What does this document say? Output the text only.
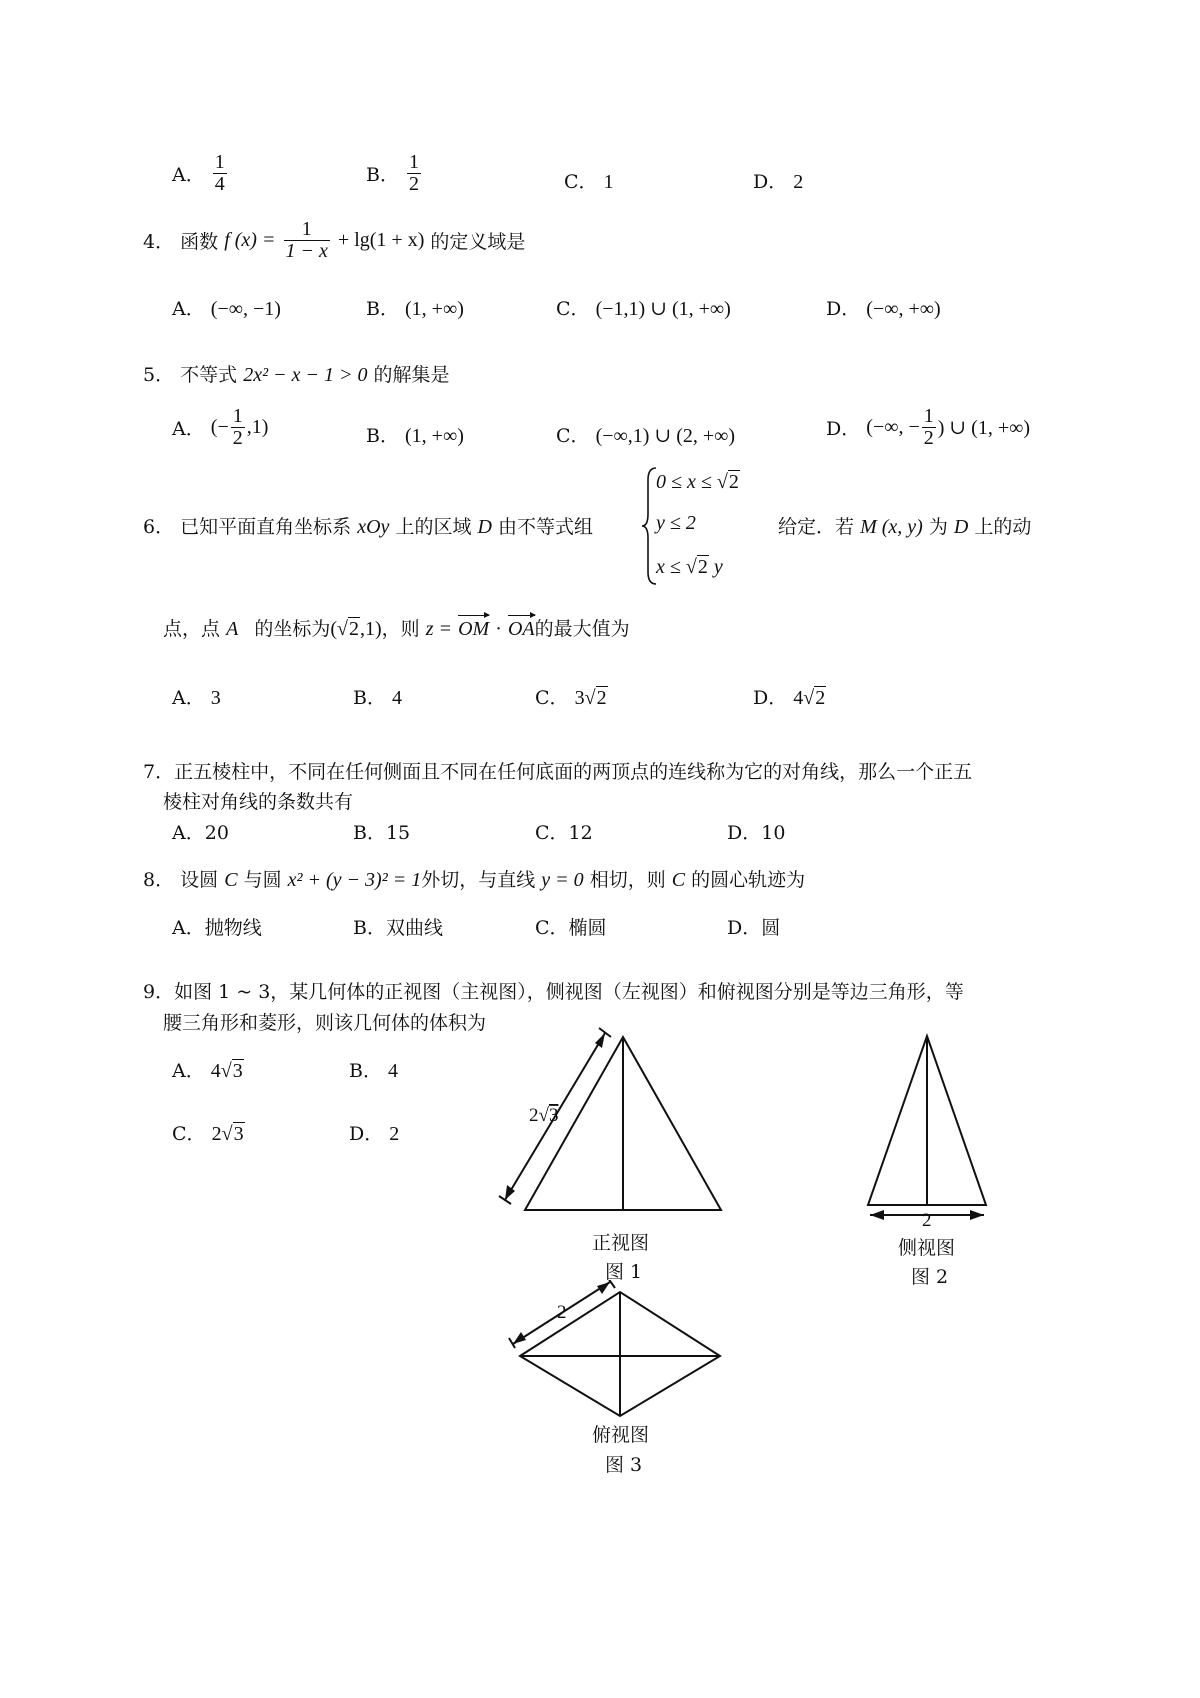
A． $\frac{1}{4}$	B． $\frac{1}{2}$	C． 1	D． 2
4． 函数 f $(x) = \frac{1}{1 - x} + \lg(1 + x)$ 的定义域是
A． (−∞, −1)	B． (1, +∞)	C． (−1,1) ∪ (1, +∞)	D． (−∞, +∞)
5． 不等式 2x² − x − 1 > 0 的解集是
A． (− $\frac{1}{2} ,1$)	B． (1, +∞)	C． (−∞,1) ∪ (2, +∞)	D． (−∞, − $\frac{1}{2}$ ) ∪ (1, +∞)
6． 已知平面直角坐标系 xOy 上的区域 D 由不等式组
0 ≤ x ≤ √2
y ≤ 2
x ≤ √2 y
给定．若 M (x, y) 为 D 上的动
点，点 A 的坐标为(√2,1)，则 z = OM · OA的最大值为
A． 3	B． 4	C． 3√2	D． 4√2
7．正五棱柱中，不同在任何侧面且不同在任何底面的两顶点的连线称为它的对角线，那么一个正五
棱柱对角线的条数共有
A．20	B．15	C．12	D．10
8． 设圆 C 与圆 x² + (y − 3)² = 1外切，与直线 y = 0 相切，则 C 的圆心轨迹为
A．抛物线	B．双曲线	C．椭圆	D．圆
9．如图 1 ~ 3，某几何体的正视图（主视图），侧视图（左视图）和俯视图分别是等边三角形，等
腰三角形和菱形，则该几何体的体积为
A． 4√3	B． 4
C． 2√3	D． 2
2√3
正视图
图 1
2
侧视图
图 2
2
俯视图
图 3
